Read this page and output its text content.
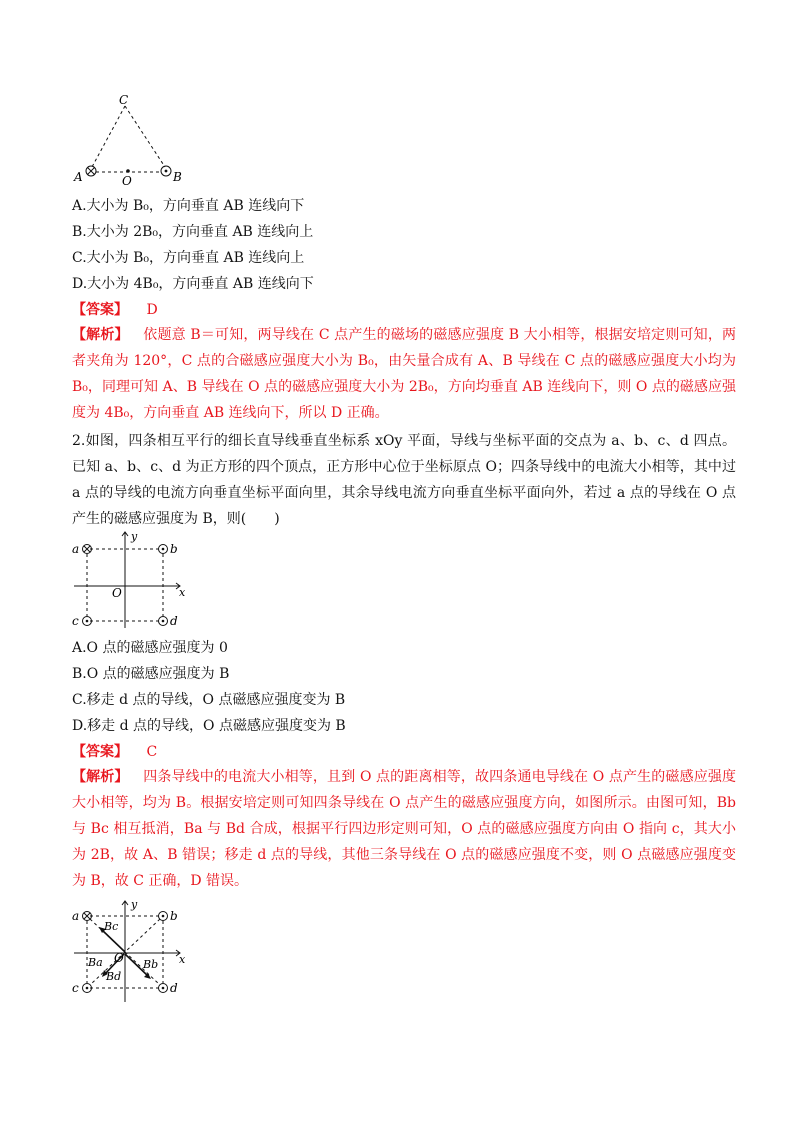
C
A	O	B
A.大小为 B₀，方向垂直 AB 连线向下
B.大小为 2B₀，方向垂直 AB 连线向上
C.大小为 B₀，方向垂直 AB 连线向上
D.大小为 4B₀，方向垂直 AB 连线向下
【答案】 D
【解析】 依题意 B＝可知，两导线在 C 点产生的磁场的磁感应强度 B 大小相等，根据安培定则可知，两者夹角为 120°，C 点的合磁感应强度大小为 B₀，由矢量合成有 A、B 导线在 C 点的磁感应强度大小均为 B₀，同理可知 A、B 导线在 O 点的磁感应强度大小为 2B₀，方向均垂直 AB 连线向下，则 O 点的磁感应强度为 4B₀，方向垂直 AB 连线向下，所以 D 正确。
2.如图，四条相互平行的细长直导线垂直坐标系 xOy 平面，导线与坐标平面的交点为 a、b、c、d 四点。已知 a、b、c、d 为正方形的四个顶点，正方形中心位于坐标原点 O；四条导线中的电流大小相等，其中过 a 点的导线的电流方向垂直坐标平面向里，其余导线电流方向垂直坐标平面向外，若过 a 点的导线在 O 点产生的磁感应强度为 B，则(　　)
a	b
c	d
x
y
O
A.O 点的磁感应强度为 0
B.O 点的磁感应强度为 B
C.移走 d 点的导线，O 点磁感应强度变为 B
D.移走 d 点的导线，O 点磁感应强度变为 B
【答案】 C
【解析】 四条导线中的电流大小相等，且到 O 点的距离相等，故四条通电导线在 O 点产生的磁感应强度大小相等，均为 B。根据安培定则可知四条导线在 O 点产生的磁感应强度方向，如图所示。由图可知，Bb 与 Bc 相互抵消，Ba 与 Bd 合成，根据平行四边形定则可知，O 点的磁感应强度方向由 O 指向 c，其大小为 2B，故 A、B 错误；移走 d 点的导线，其他三条导线在 O 点的磁感应强度不变，则 O 点磁感应强度变为 B，故 C 正确，D 错误。
a	b
c	d
x
y
O
Bc
Ba
Bd
Bb
